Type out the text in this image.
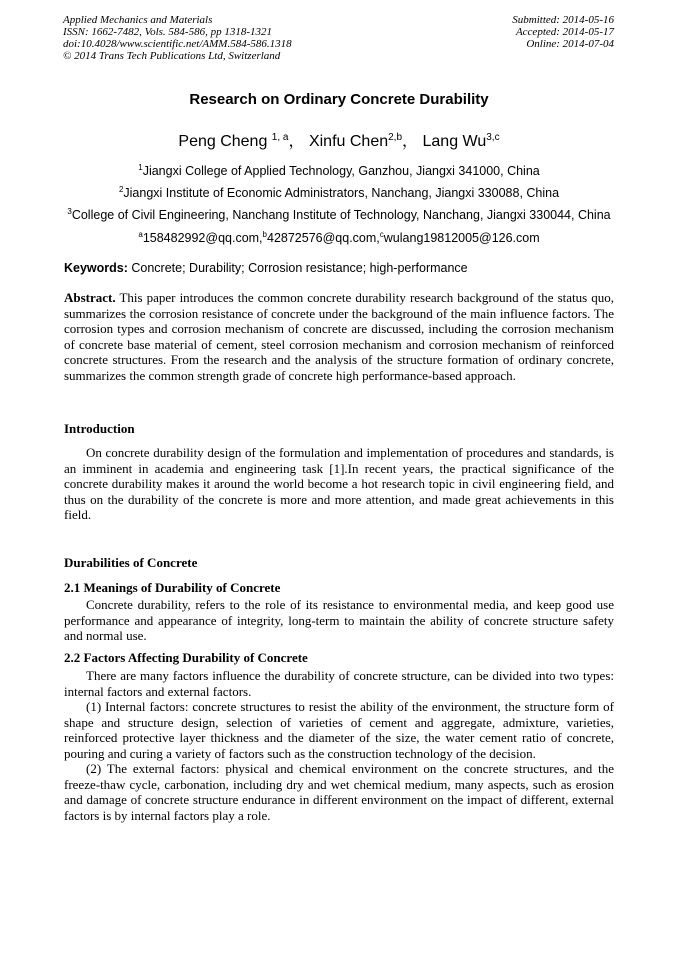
Applied Mechanics and Materials
ISSN: 1662-7482, Vols. 584-586, pp 1318-1321
doi:10.4028/www.scientific.net/AMM.584-586.1318
© 2014 Trans Tech Publications Ltd, Switzerland
Submitted: 2014-05-16
Accepted: 2014-05-17
Online: 2014-07-04
Research on Ordinary Concrete Durability
Peng Cheng $^{1, a}$， Xinfu Chen$^{2,b}$， Lang Wu$^{3,c}$
$^1$Jiangxi College of Applied Technology, Ganzhou, Jiangxi 341000, China
$^2$Jiangxi Institute of Economic Administrators, Nanchang, Jiangxi 330088, China
$^3$College of Civil Engineering, Nanchang Institute of Technology, Nanchang, Jiangxi 330044, China
$^a$158482992@qq.com,$^b$42872576@qq.com,$^c$wulang19812005@126.com
Keywords: Concrete; Durability; Corrosion resistance; high-performance

Abstract. This paper introduces the common concrete durability research background of the status quo, summarizes the corrosion resistance of concrete under the background of the main influence factors. The corrosion types and corrosion mechanism of concrete are discussed, including the corrosion mechanism of concrete base material of cement, steel corrosion mechanism and corrosion mechanism of reinforced concrete structures. From the research and the analysis of the structure formation of ordinary concrete, summarizes the common strength grade of concrete high performance-based approach.

Introduction

On concrete durability design of the formulation and implementation of procedures and standards, is an imminent in academia and engineering task [1].In recent years, the practical significance of the concrete durability makes it around the world become a hot research topic in civil engineering field, and thus on the durability of the concrete is more and more attention, and made great achievements in this field.

Durabilities of Concrete
2.1 Meanings of Durability of Concrete

Concrete durability, refers to the role of its resistance to environmental media, and keep good use performance and appearance of integrity, long-term to maintain the ability of concrete structure safety and normal use.

2.2 Factors Affecting Durability of Concrete

There are many factors influence the durability of concrete structure, can be divided into two types: internal factors and external factors.

(1) Internal factors: concrete structures to resist the ability of the environment, the structure form of shape and structure design, selection of varieties of cement and aggregate, admixture, varieties, reinforced protective layer thickness and the diameter of the size, the water cement ratio of concrete, pouring and curing a variety of factors such as the construction technology of the decision.

(2) The external factors: physical and chemical environment on the concrete structures, and the freeze-thaw cycle, carbonation, including dry and wet chemical medium, many aspects, such as erosion and damage of concrete structure endurance in different environment on the impact of different, external factors is by internal factors play a role.
